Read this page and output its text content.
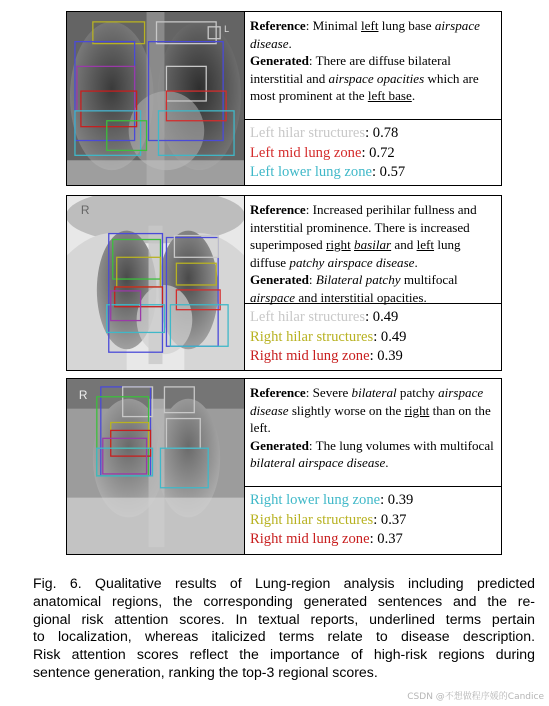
L	Reference: Minimal left lung base airspace disease.
Generated: There are diffuse bilateral interstitial and airspace opacities which are most prominent at the left base.
Left hilar structures: 0.78
Left mid lung zone: 0.72
Left lower lung zone: 0.57
R	Reference: Increased perihilar fullness and interstitial prominence. There is increased superimposed right basilar and left lung diffuse patchy airspace disease.
Generated: Bilateral patchy multifocal airspace and interstitial opacities.
Left hilar structures: 0.49
Right hilar structures: 0.49
Right mid lung zone: 0.39
R	Reference: Severe bilateral patchy airspace disease slightly worse on the right than on the left.
Generated: The lung volumes with multifocal bilateral airspace disease.
Right lower lung zone: 0.39
Right hilar structures: 0.37
Right mid lung zone: 0.37
Fig. 6. Qualitative results of Lung-region analysis including predicted
anatomical regions, the corresponding generated sentences and the re-
gional risk attention scores. In textual reports, underlined terms pertain
to localization, whereas italicized terms relate to disease description.
Risk attention scores reflect the importance of high-risk regions during
sentence generation, ranking the top-3 regional scores.
CSDN @不想做程序媛的Candice
